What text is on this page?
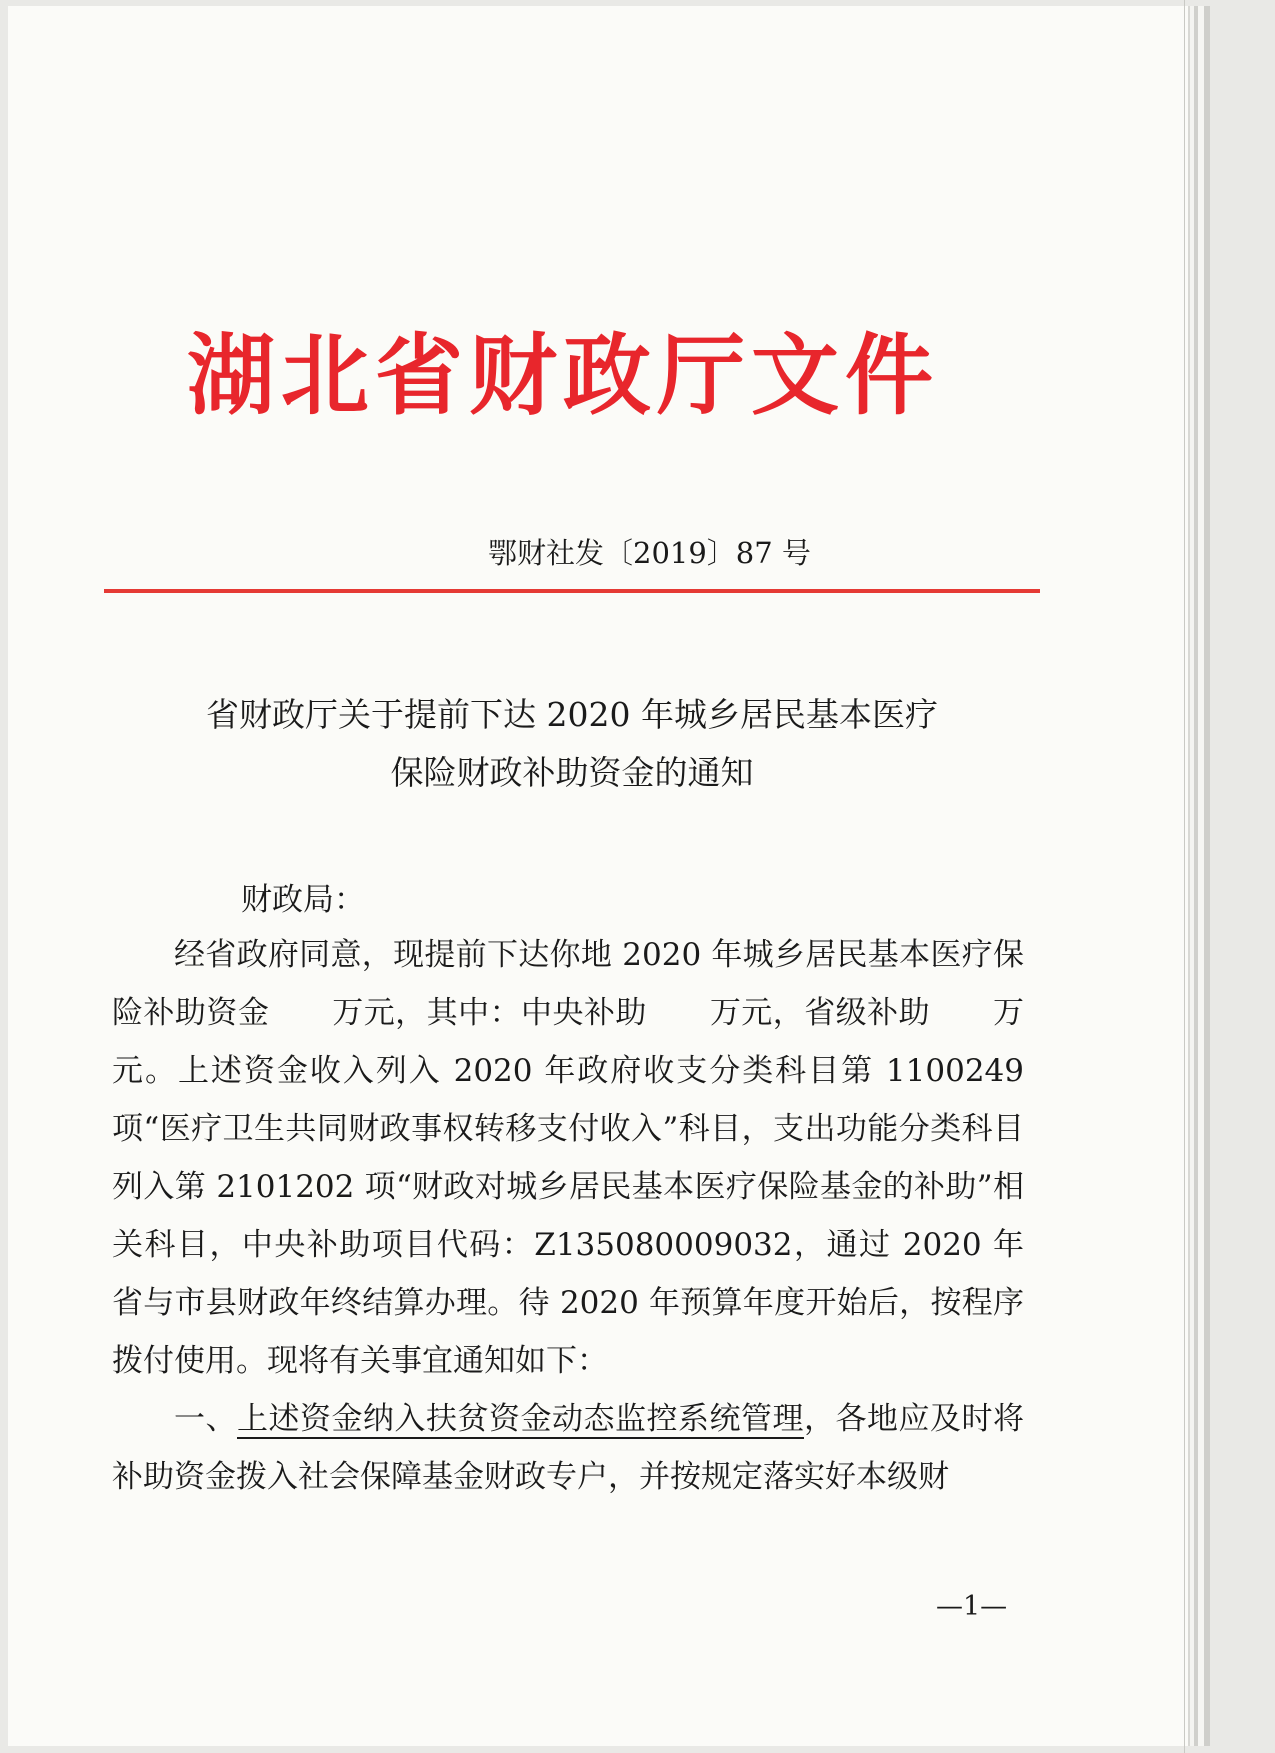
湖北省财政厅文件
鄂财社发〔2019〕87 号
省财政厅关于提前下达 2020 年城乡居民基本医疗
保险财政补助资金的通知
财政局：

经省政府同意，现提前下达你地 2020 年城乡居民基本医疗保险补助资金　　万元，其中：中央补助　　万元，省级补助　　万元。上述资金收入列入 2020 年政府收支分类科目第 1100249 项“医疗卫生共同财政事权转移支付收入”科目，支出功能分类科目列入第 2101202 项“财政对城乡居民基本医疗保险基金的补助”相关科目，中央补助项目代码：Z135080009032，通过 2020 年省与市县财政年终结算办理。待 2020 年预算年度开始后，按程序拨付使用。现将有关事宜通知如下：

一、上述资金纳入扶贫资金动态监控系统管理，各地应及时将补助资金拨入社会保障基金财政专户，并按规定落实好本级财

—1—
